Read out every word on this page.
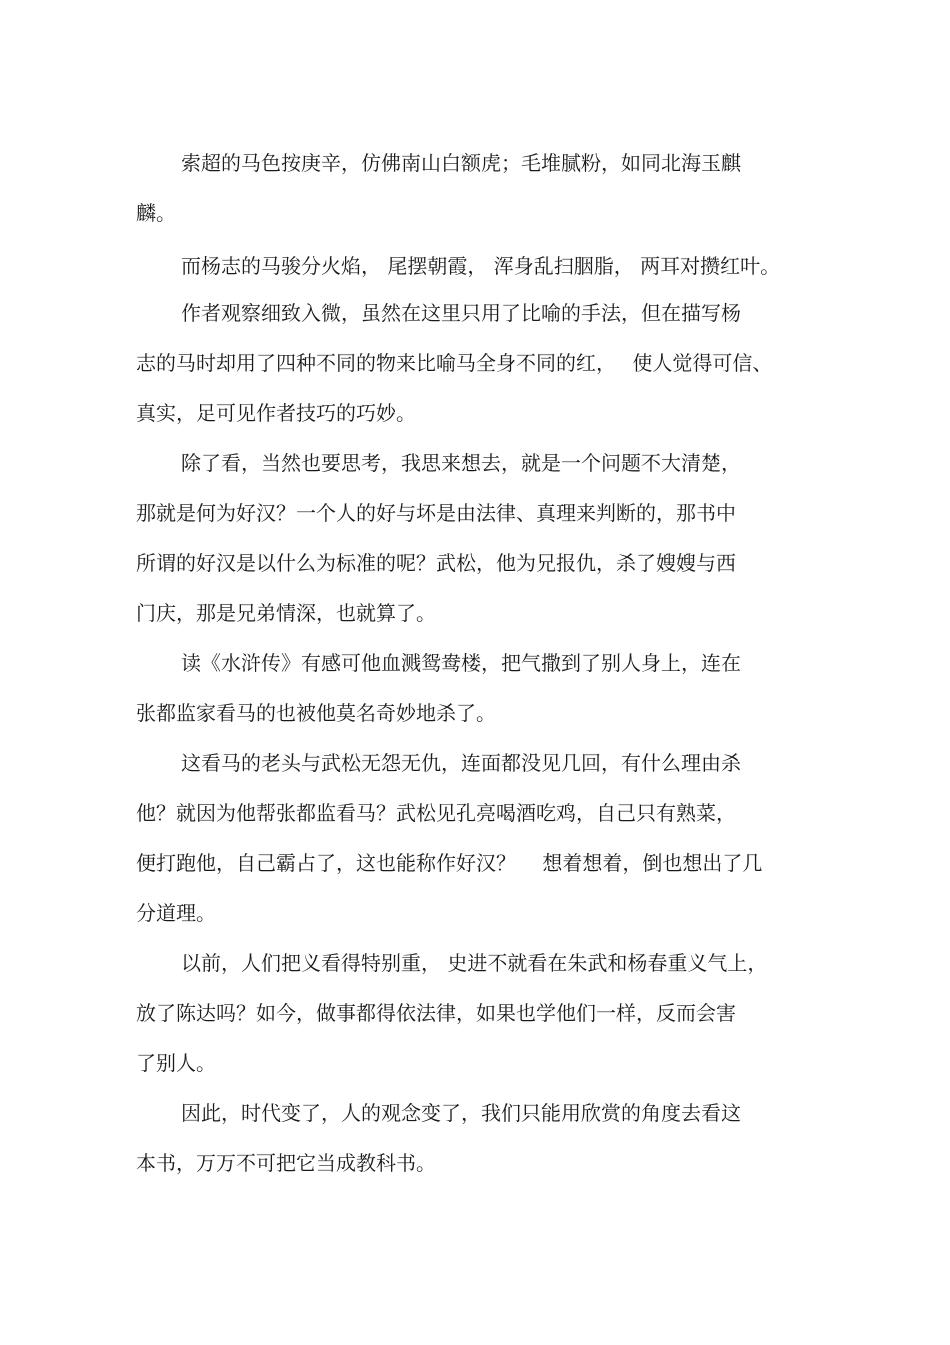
索超的马色按庚辛，仿佛南山白额虎；毛堆腻粉，如同北海玉麒
麟。
而杨志的马骏分火焰， 尾摆朝霞， 浑身乱扫胭脂， 两耳对攒红叶。
作者观察细致入微，虽然在这里只用了比喻的手法，但在描写杨
志的马时却用了四种不同的物来比喻马全身不同的红，　 使人觉得可信、
真实，足可见作者技巧的巧妙。
除了看，当然也要思考，我思来想去，就是一个问题不大清楚，
那就是何为好汉？一个人的好与坏是由法律、真理来判断的，那书中
所谓的好汉是以什么为标准的呢？武松，他为兄报仇，杀了嫂嫂与西
门庆，那是兄弟情深，也就算了。
读《水浒传》有感可他血溅鸳鸯楼，把气撒到了别人身上，连在
张都监家看马的也被他莫名奇妙地杀了。
这看马的老头与武松无怨无仇，连面都没见几回，有什么理由杀
他？就因为他帮张都监看马？武松见孔亮喝酒吃鸡，自己只有熟菜，
便打跑他，自己霸占了，这也能称作好汉？　 想着想着，倒也想出了几
分道理。
以前，人们把义看得特别重， 史进不就看在朱武和杨春重义气上，
放了陈达吗？如今，做事都得依法律，如果也学他们一样，反而会害
了别人。
因此，时代变了，人的观念变了，我们只能用欣赏的角度去看这
本书，万万不可把它当成教科书。
